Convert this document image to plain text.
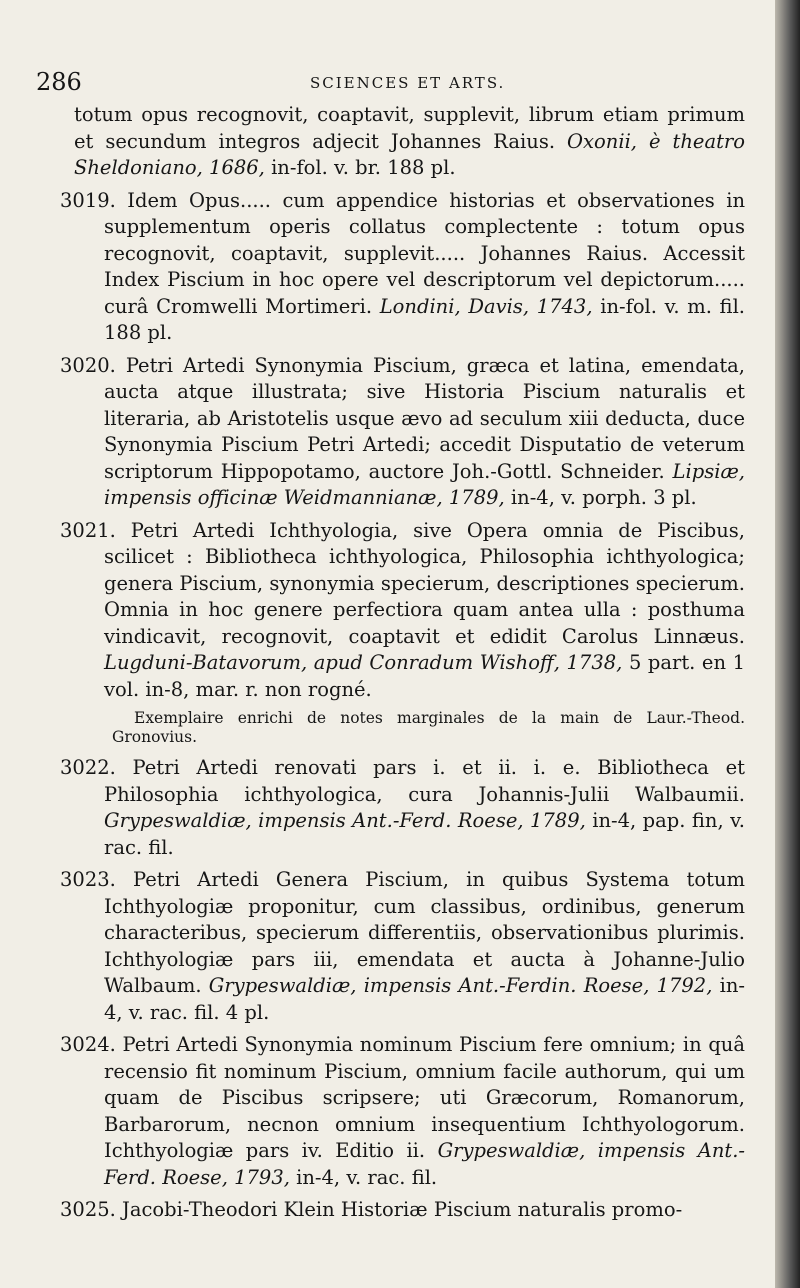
286	SCIENCES ET ARTS.

totum opus recognovit, coaptavit, supplevit, librum etiam primum et secundum integros adjecit Johannes Raius. Oxonii, è theatro Sheldoniano, 1686, in-fol. v. br. 188 pl.

3019. Idem Opus..... cum appendice historias et observationes in supplementum operis collatus complectente : totum opus recognovit, coaptavit, supplevit..... Johannes Raius. Accessit Index Piscium in hoc opere vel descriptorum vel depictorum..... curâ Cromwelli Mortimeri. Londini, Davis, 1743, in-fol. v. m. fil. 188 pl.

3020. Petri Artedi Synonymia Piscium, græca et latina, emendata, aucta atque illustrata; sive Historia Piscium naturalis et literaria, ab Aristotelis usque ævo ad seculum xiii deducta, duce Synonymia Piscium Petri Artedi; accedit Disputatio de veterum scriptorum Hippopotamo, auctore Joh.-Gottl. Schneider. Lipsiæ, impensis officinæ Weidmannianæ, 1789, in-4, v. porph. 3 pl.

3021. Petri Artedi Ichthyologia, sive Opera omnia de Piscibus, scilicet : Bibliotheca ichthyologica, Philosophia ichthyologica; genera Piscium, synonymia specierum, descriptiones specierum. Omnia in hoc genere perfectiora quam antea ulla : posthuma vindicavit, recognovit, coaptavit et edidit Carolus Linnæus. Lugduni-Batavorum, apud Conradum Wishoff, 1738, 5 part. en 1 vol. in-8, mar. r. non rogné.

Exemplaire enrichi de notes marginales de la main de Laur.-Theod. Gronovius.

3022. Petri Artedi renovati pars i. et ii. i. e. Bibliotheca et Philosophia ichthyologica, cura Johannis-Julii Walbaumii. Grypeswaldiæ, impensis Ant.-Ferd. Roese, 1789, in-4, pap. fin, v. rac. fil.

3023. Petri Artedi Genera Piscium, in quibus Systema totum Ichthyologiæ proponitur, cum classibus, ordinibus, generum characteribus, specierum differentiis, observationibus plurimis. Ichthyologiæ pars iii, emendata et aucta à Johanne-Julio Walbaum. Grypeswaldiæ, impensis Ant.-Ferdin. Roese, 1792, in-4, v. rac. fil. 4 pl.

3024. Petri Artedi Synonymia nominum Piscium fere omnium; in quâ recensio fit nominum Piscium, omnium facile authorum, qui um quam de Piscibus scripsere; uti Græcorum, Romanorum, Barbarorum, necnon omnium insequentium Ichthyologorum. Ichthyologiæ pars iv. Editio ii. Grypeswaldiæ, impensis Ant.-Ferd. Roese, 1793, in-4, v. rac. fil.

3025. Jacobi-Theodori Klein Historiæ Piscium naturalis promo-
